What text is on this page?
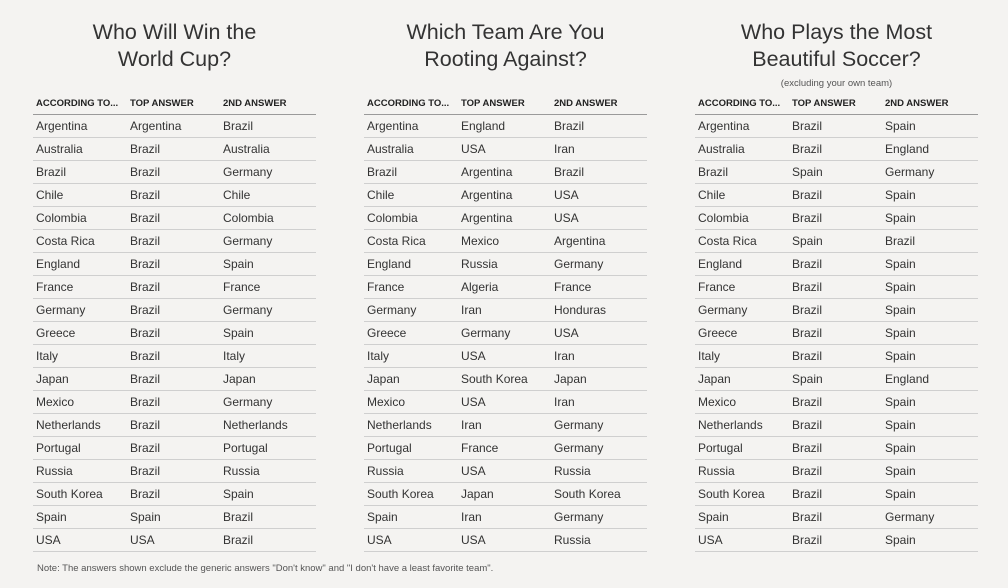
Who Will Win the
World Cup?
ACCORDING TO...	TOP ANSWER	2ND ANSWER
Argentina	Argentina	Brazil
Australia	Brazil	Australia
Brazil	Brazil	Germany
Chile	Brazil	Chile
Colombia	Brazil	Colombia
Costa Rica	Brazil	Germany
England	Brazil	Spain
France	Brazil	France
Germany	Brazil	Germany
Greece	Brazil	Spain
Italy	Brazil	Italy
Japan	Brazil	Japan
Mexico	Brazil	Germany
Netherlands	Brazil	Netherlands
Portugal	Brazil	Portugal
Russia	Brazil	Russia
South Korea	Brazil	Spain
Spain	Spain	Brazil
USA	USA	Brazil
Which Team Are You
Rooting Against?
ACCORDING TO...	TOP ANSWER	2ND ANSWER
Argentina	England	Brazil
Australia	USA	Iran
Brazil	Argentina	Brazil
Chile	Argentina	USA
Colombia	Argentina	USA
Costa Rica	Mexico	Argentina
England	Russia	Germany
France	Algeria	France
Germany	Iran	Honduras
Greece	Germany	USA
Italy	USA	Iran
Japan	South Korea	Japan
Mexico	USA	Iran
Netherlands	Iran	Germany
Portugal	France	Germany
Russia	USA	Russia
South Korea	Japan	South Korea
Spain	Iran	Germany
USA	USA	Russia
Who Plays the Most
Beautiful Soccer?
(excluding your own team)
ACCORDING TO...	TOP ANSWER	2ND ANSWER
Argentina	Brazil	Spain
Australia	Brazil	England
Brazil	Spain	Germany
Chile	Brazil	Spain
Colombia	Brazil	Spain
Costa Rica	Spain	Brazil
England	Brazil	Spain
France	Brazil	Spain
Germany	Brazil	Spain
Greece	Brazil	Spain
Italy	Brazil	Spain
Japan	Spain	England
Mexico	Brazil	Spain
Netherlands	Brazil	Spain
Portugal	Brazil	Spain
Russia	Brazil	Spain
South Korea	Brazil	Spain
Spain	Brazil	Germany
USA	Brazil	Spain
Note: The answers shown exclude the generic answers "Don't know" and "I don't have a least favorite team".
